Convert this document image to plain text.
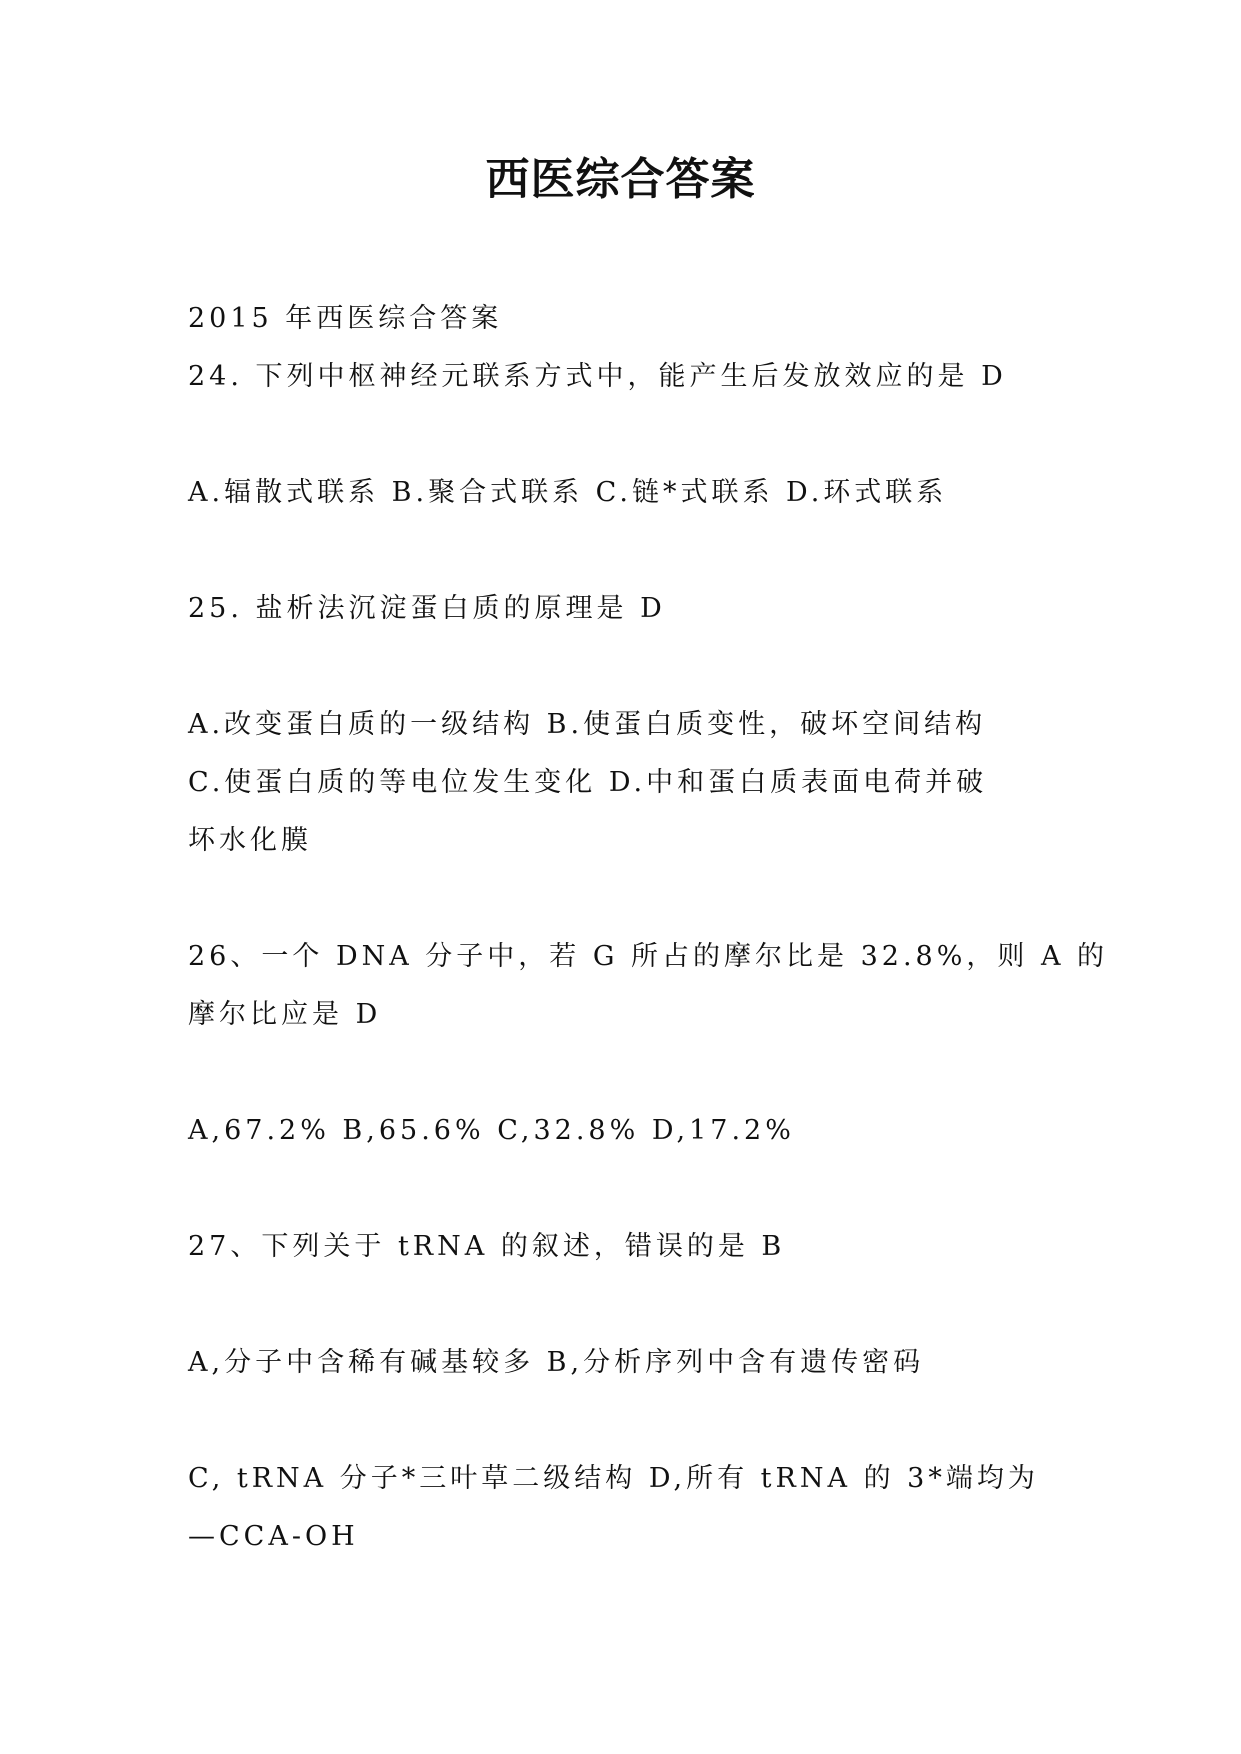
西医综合答案
2015 年西医综合答案
24. 下列中枢神经元联系方式中，能产生后发放效应的是 D
A.辐散式联系 B.聚合式联系 C.链*式联系 D.环式联系
25. 盐析法沉淀蛋白质的原理是 D
A.改变蛋白质的一级结构 B.使蛋白质变性，破坏空间结构
C.使蛋白质的等电位发生变化 D.中和蛋白质表面电荷并破
坏水化膜
26、一个 DNA 分子中，若 G 所占的摩尔比是 32.8%，则 A 的
摩尔比应是 D
A,67.2% B,65.6% C,32.8% D,17.2%
27、下列关于 tRNA 的叙述，错误的是 B
A,分子中含稀有碱基较多 B,分析序列中含有遗传密码
C, tRNA 分子*三叶草二级结构 D,所有 tRNA 的 3*端均为
—CCA-OH
